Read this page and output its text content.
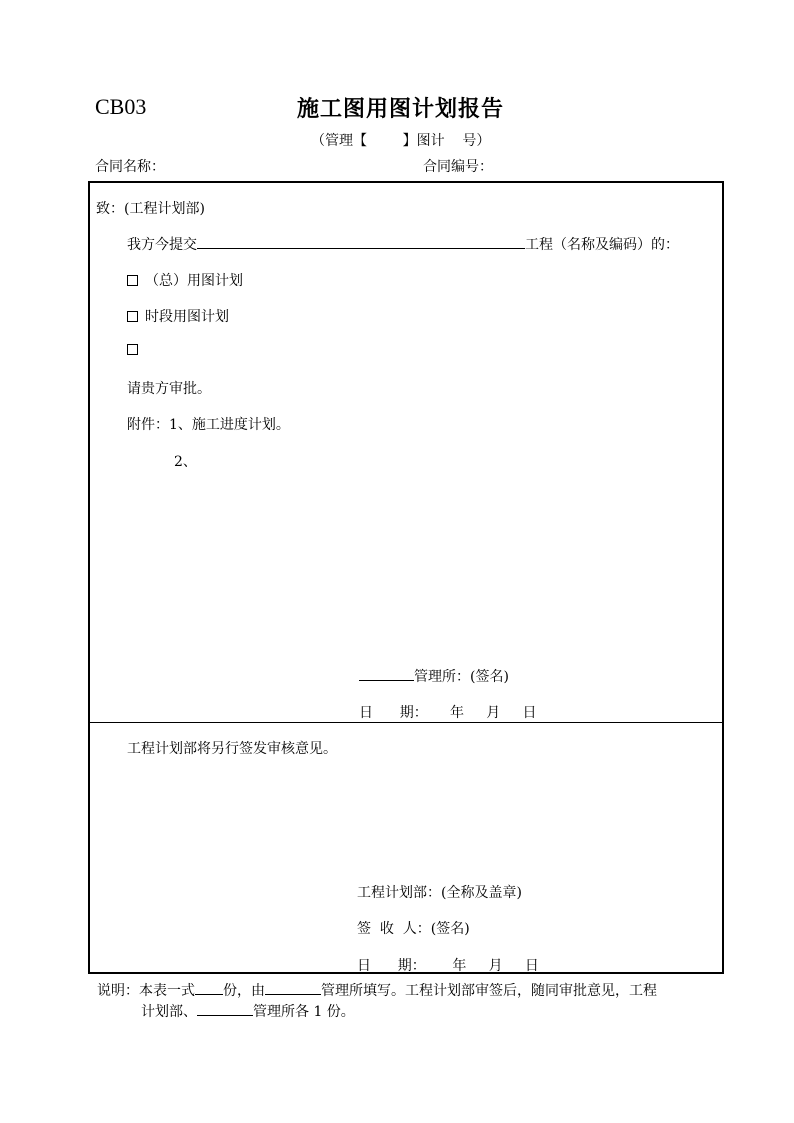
CB03	施工图用图计划报告
（管理【        】图计    号）
合同名称：	合同编号：
致：(工程计划部)
我方今提交	工程（名称及编码）的：
（总）用图计划
时段用图计划
请贵方审批。
附件：1、施工进度计划。
2、
管理所：(签名)
日      期：     年     月     日
工程计划部将另行签发审核意见。
工程计划部：(全称及盖章)
签  收  人：(签名)
日      期：      年     月     日
说明：本表一式 份，由	管理所填写。工程计划部审签后，随同审批意见，工程
计划部、	管理所各 1 份。
